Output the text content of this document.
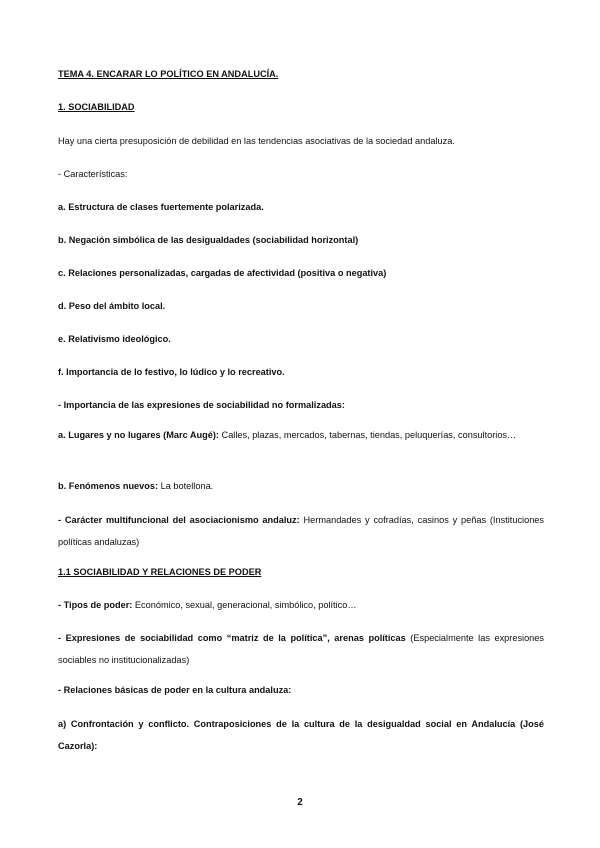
TEMA 4. ENCARAR LO POLÍTICO EN ANDALUCÍA.

1. SOCIABILIDAD

Hay una cierta presuposición de debilidad en las tendencias asociativas de la sociedad andaluza.

- Características:

a. Estructura de clases fuertemente polarizada.

b. Negación simbólica de las desigualdades (sociabilidad horizontal)

c. Relaciones personalizadas, cargadas de afectividad (positiva o negativa)

d. Peso del ámbito local.

e. Relativismo ideológico.

f. Importancia de lo festivo, lo lúdico y lo recreativo.

- Importancia de las expresiones de sociabilidad no formalizadas:

a. Lugares y no lugares (Marc Augé): Calles, plazas, mercados, tabernas, tiendas, peluquerías, consultorios…

b. Fenómenos nuevos: La botellona.

- Carácter multifuncional del asociacionismo andaluz: Hermandades y cofradías, casinos y peñas (Instituciones políticas andaluzas)

1.1 SOCIABILIDAD Y RELACIONES DE PODER

- Tipos de poder: Económico, sexual, generacional, simbólico, político…

- Expresiones de sociabilidad como “matriz de la política”, arenas políticas (Especialmente las expresiones sociables no institucionalizadas)

- Relaciones básicas de poder en la cultura andaluza:

a) Confrontación y conflicto. Contraposiciones de la cultura de la desigualdad social en Andalucía (José Cazorla):

2
